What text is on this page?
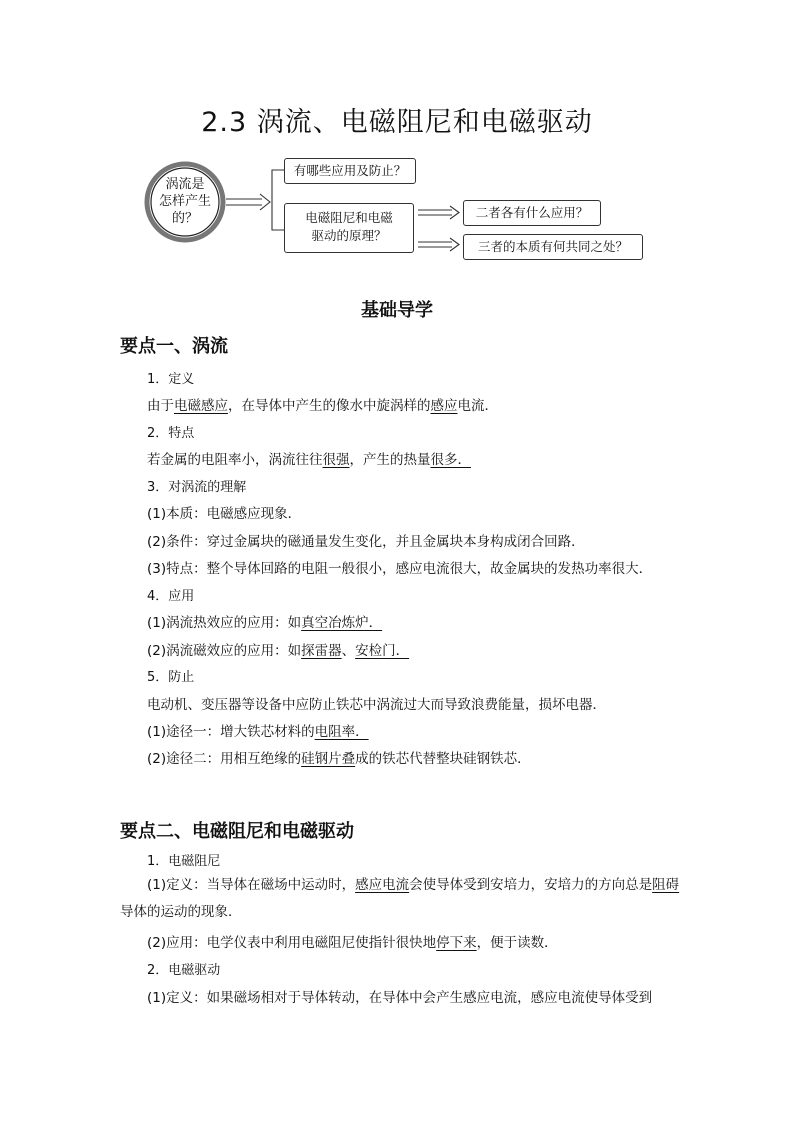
2.3 涡流、电磁阻尼和电磁驱动
涡流是
怎样产生
的？
有哪些应用及防止？
电磁阻尼和电磁
驱动的原理？
二者各有什么应用？
三者的本质有何共同之处？
基础导学
要点一、涡流
1．定义
由于电磁感应，在导体中产生的像水中旋涡样的感应电流．
2．特点
若金属的电阻率小，涡流往往很强，产生的热量很多．
3．对涡流的理解
(1)本质：电磁感应现象．
(2)条件：穿过金属块的磁通量发生变化，并且金属块本身构成闭合回路．
(3)特点：整个导体回路的电阻一般很小，感应电流很大，故金属块的发热功率很大．
4．应用
(1)涡流热效应的应用：如真空冶炼炉．
(2)涡流磁效应的应用：如探雷器、安检门．
5．防止
电动机、变压器等设备中应防止铁芯中涡流过大而导致浪费能量，损坏电器．
(1)途径一：增大铁芯材料的电阻率．
(2)途径二：用相互绝缘的硅钢片叠成的铁芯代替整块硅钢铁芯．
要点二、电磁阻尼和电磁驱动
1．电磁阻尼
(1)定义：当导体在磁场中运动时，感应电流会使导体受到安培力，安培力的方向总是阻碍导体的运动的现象．
(2)应用：电学仪表中利用电磁阻尼使指针很快地停下来，便于读数．
2．电磁驱动
(1)定义：如果磁场相对于导体转动，在导体中会产生感应电流，感应电流使导体受到
